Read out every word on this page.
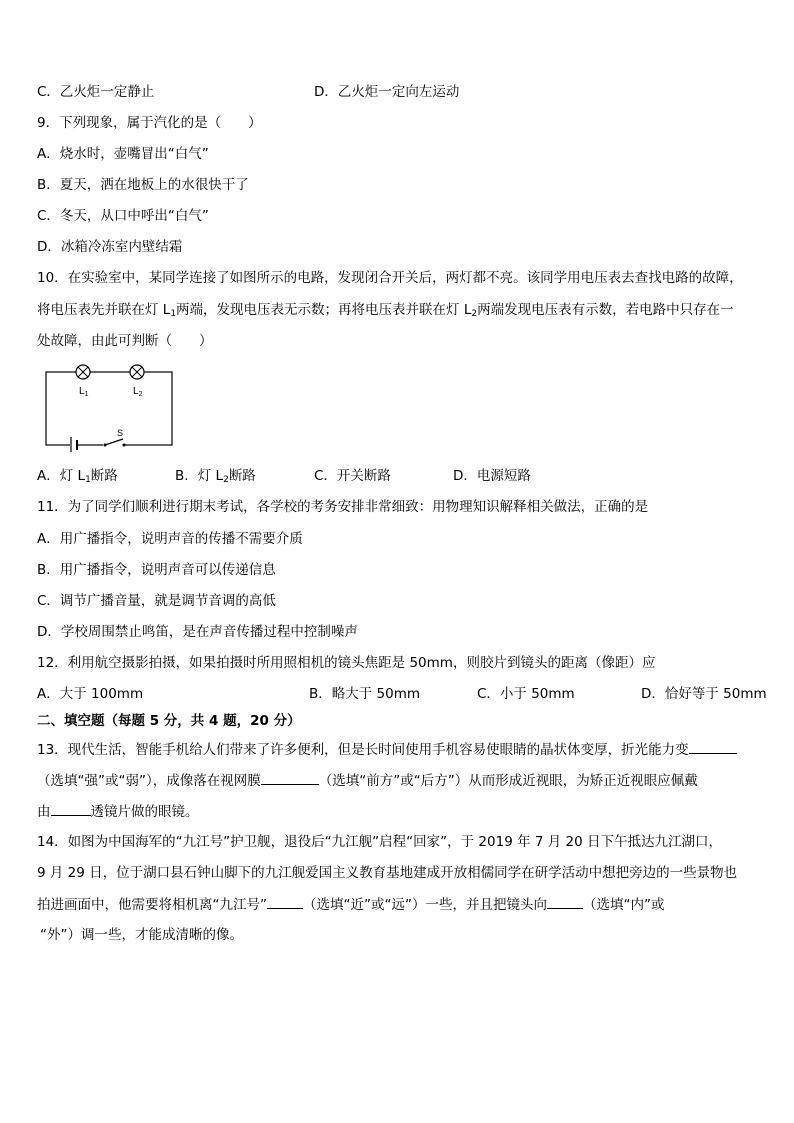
C．乙火炬一定静止	D．乙火炬一定向左运动
9．下列现象，属于汽化的是（　　）
A．烧水时，壶嘴冒出“白气”
B．夏天，洒在地板上的水很快干了
C．冬天，从口中呼出“白气”
D．冰箱冷冻室内壁结霜
10．在实验室中，某同学连接了如图所示的电路，发现闭合开关后，两灯都不亮。该同学用电压表去查找电路的故障，
将电压表先并联在灯 $L_1$两端，发现电压表无示数；再将电压表并联在灯 $L_2$两端发现电压表有示数，若电路中只存在一
处故障，由此可判断（　　）
$L_1$	$L_2$
S
A．灯 $L_1$断路	B．灯 $L_2$断路	C．开关断路	D．电源短路
11．为了同学们顺利进行期末考试，各学校的考务安排非常细致：用物理知识解释相关做法，正确的是
A．用广播指令，说明声音的传播不需要介质
B．用广播指令，说明声音可以传递信息
C．调节广播音量，就是调节音调的高低
D．学校周围禁止鸣笛，是在声音传播过程中控制噪声
12．利用航空摄影拍摄，如果拍摄时所用照相机的镜头焦距是 50mm，则胶片到镜头的距离（像距）应
A．大于 100mm	B．略大于 50mm	C．小于 50mm	D．恰好等于 50mm
二、填空题（每题 5 分，共 4 题，20 分）
13．现代生活，智能手机给人们带来了许多便利，但是长时间使用手机容易使眼睛的晶状体变厚，折光能力变
（选填“强”或“弱”），成像落在视网膜	（选填“前方”或“后方”）从而形成近视眼，为矫正近视眼应佩戴
由	透镜片做的眼镜。
14．如图为中国海军的“九江号”护卫舰，退役后“九江舰”启程“回家”，于 2019 年 7 月 20 日下午抵达九江湖口，
9 月 29 日，位于湖口县石钟山脚下的九江舰爱国主义教育基地建成开放相儒同学在研学活动中想把旁边的一些景物也
拍进画面中，他需要将相机离“九江号”	（选填“近”或“远”）一些，并且把镜头向	（选填“内”或
“外”）调一些，才能成清晰的像。
